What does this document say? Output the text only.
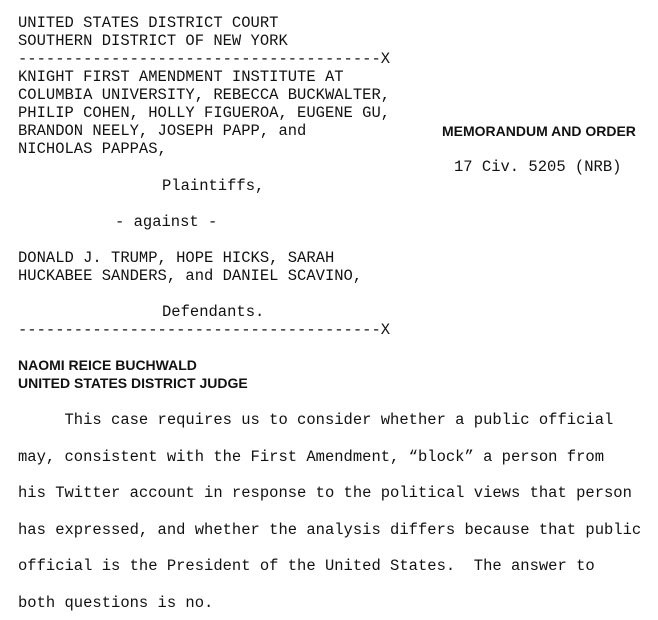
UNITED STATES DISTRICT COURT
SOUTHERN DISTRICT OF NEW YORK
---------------------------------------X
KNIGHT FIRST AMENDMENT INSTITUTE AT
COLUMBIA UNIVERSITY, REBECCA BUCKWALTER,
PHILIP COHEN, HOLLY FIGUEROA, EUGENE GU,
BRANDON NEELY, JOSEPH PAPP, and
NICHOLAS PAPPAS,
MEMORANDUM AND ORDER
17 Civ. 5205 (NRB)
Plaintiffs,
- against -
DONALD J. TRUMP, HOPE HICKS, SARAH
HUCKABEE SANDERS, and DANIEL SCAVINO,
Defendants.
---------------------------------------X
NAOMI REICE BUCHWALD
UNITED STATES DISTRICT JUDGE
This case requires us to consider whether a public official
may, consistent with the First Amendment, “block” a person from
his Twitter account in response to the political views that person
has expressed, and whether the analysis differs because that public
official is the President of the United States.  The answer to
both questions is no.
